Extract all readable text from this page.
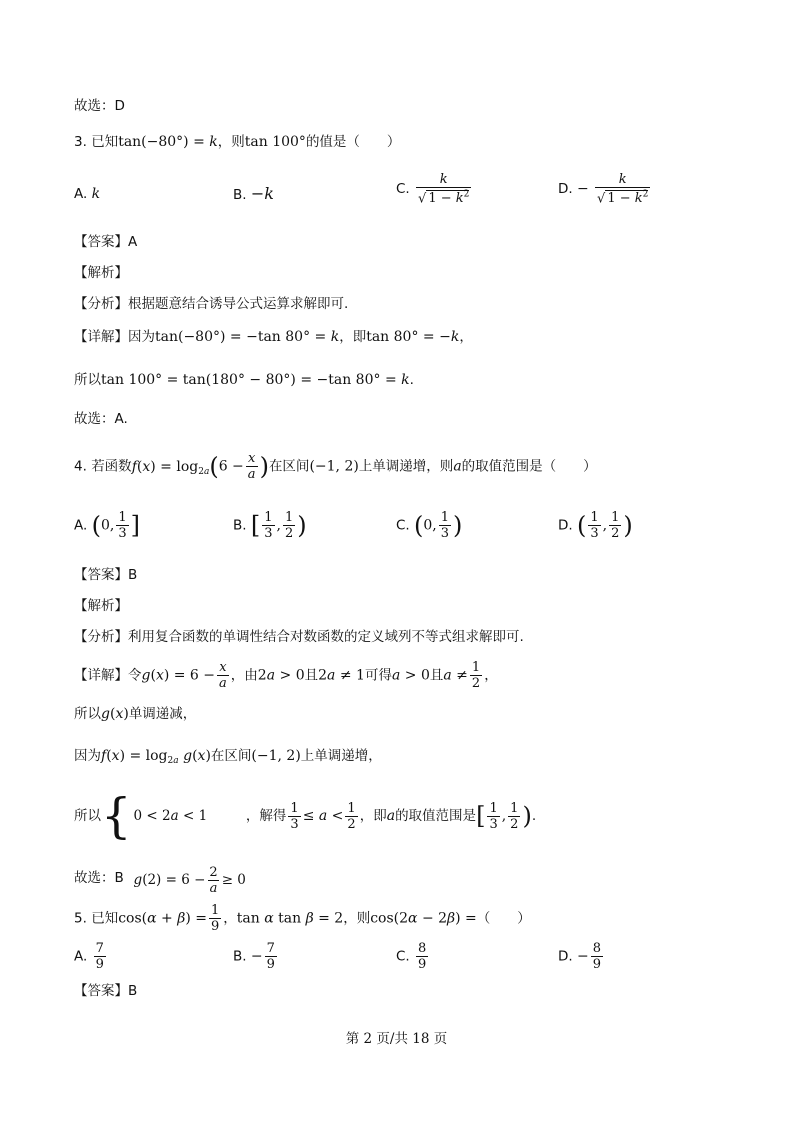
故选：D
3. 已知tan(−80°) = k，则tan 100°的值是（　　）
A. k	B. −k	C. $\frac{k}{√ 1 - k^2}$	D. − $\frac{k}{√ 1 - k^2}$
【答案】A
【解析】
【分析】根据题意结合诱导公式运算求解即可.
【详解】因为tan(−80°) = −tan 80° = k，即tan 80° = −k，
所以tan 100° = tan(180° − 80°) = −tan 80° = k.
故选：A.
4. 若函数$f(x) = \log_{2a}(6 - \frac{x}{a}$ )在区间(−1, 2)上单调递增，则a的取值范围是（　　）
A. (0, $\frac{1}{3}$ ]	B. [ $\frac{1}{3}$ , $\frac{1}{2}$ )	C. (0, $\frac{1}{3}$ )	D. ( $\frac{1}{3}$ , $\frac{1}{2}$ )
【答案】B
【解析】
【分析】利用复合函数的单调性结合对数函数的定义域列不等式组求解即可.
【详解】令$g(x) = 6 - \frac{x}{a}$ ，由2a > 0且2a ≠ 1可得a > 0且$a \ne \frac{1}{2}$ ，
所以g(x)单调递减，
因为$f(x) = \log_{2a} g(x)$在区间(−1, 2)上单调递增，
所以 { 0 < 2a < 1
$g(2) = 6 - \frac{2}{a} \ge 0$
，解得 $\frac{1}{3} \le a < \frac{1}{2}$ ，即a的取值范围是[ $\frac{1}{3}$ , $\frac{1}{2}$ ).
故选：B
5. 已知$\cos(\alpha + \beta) = \frac{1}{9}$ ，tan α tan β = 2，则cos(2α − 2β) =（　　）
A. $\frac{7}{9}$	B. − $\frac{7}{9}$	C. $\frac{8}{9}$	D. − $\frac{8}{9}$
【答案】B
第 2 页/共 18 页
